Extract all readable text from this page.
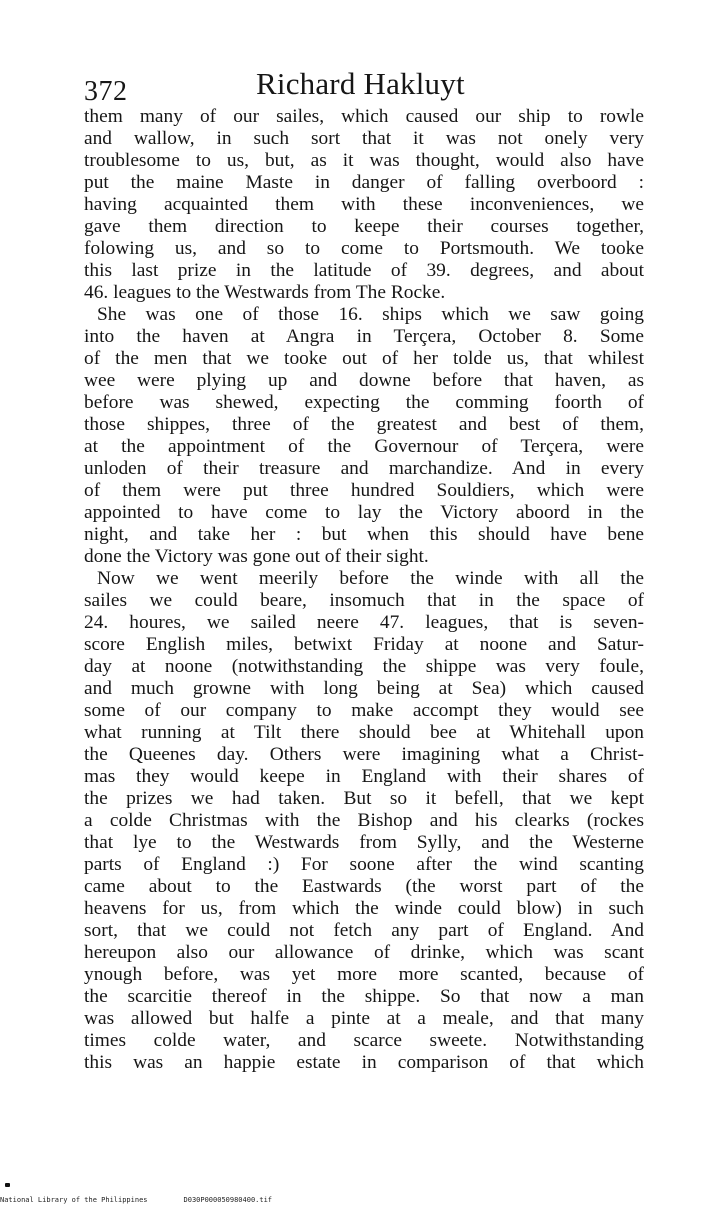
372	Richard Hakluyt
them many of our sailes, which caused our ship to rowle
and wallow, in such sort that it was not onely very
troublesome to us, but, as it was thought, would also have
put the maine Maste in danger of falling overboord :
having acquainted them with these inconveniences, we
gave them direction to keepe their courses together,
folowing us, and so to come to Portsmouth. We tooke
this last prize in the latitude of 39. degrees, and about
46. leagues to the Westwards from The Rocke.
She was one of those 16. ships which we saw going
into the haven at Angra in Terçera, October 8. Some
of the men that we tooke out of her tolde us, that whilest
wee were plying up and downe before that haven, as
before was shewed, expecting the comming foorth of
those shippes, three of the greatest and best of them,
at the appointment of the Governour of Terçera, were
unloden of their treasure and marchandize. And in every
of them were put three hundred Souldiers, which were
appointed to have come to lay the Victory aboord in the
night, and take her : but when this should have bene
done the Victory was gone out of their sight.
Now we went meerily before the winde with all the
sailes we could beare, insomuch that in the space of
24. houres, we sailed neere 47. leagues, that is seven-
score English miles, betwixt Friday at noone and Satur-
day at noone (notwithstanding the shippe was very foule,
and much growne with long being at Sea) which caused
some of our company to make accompt they would see
what running at Tilt there should bee at Whitehall upon
the Queenes day. Others were imagining what a Christ-
mas they would keepe in England with their shares of
the prizes we had taken. But so it befell, that we kept
a colde Christmas with the Bishop and his clearks (rockes
that lye to the Westwards from Sylly, and the Westerne
parts of England :) For soone after the wind scanting
came about to the Eastwards (the worst part of the
heavens for us, from which the winde could blow) in such
sort, that we could not fetch any part of England. And
hereupon also our allowance of drinke, which was scant
ynough before, was yet more more scanted, because of
the scarcitie thereof in the shippe. So that now a man
was allowed but halfe a pinte at a meale, and that many
times colde water, and scarce sweete. Notwithstanding
this was an happie estate in comparison of that which
National Library of the Philippines	D030P000050980400.tif
